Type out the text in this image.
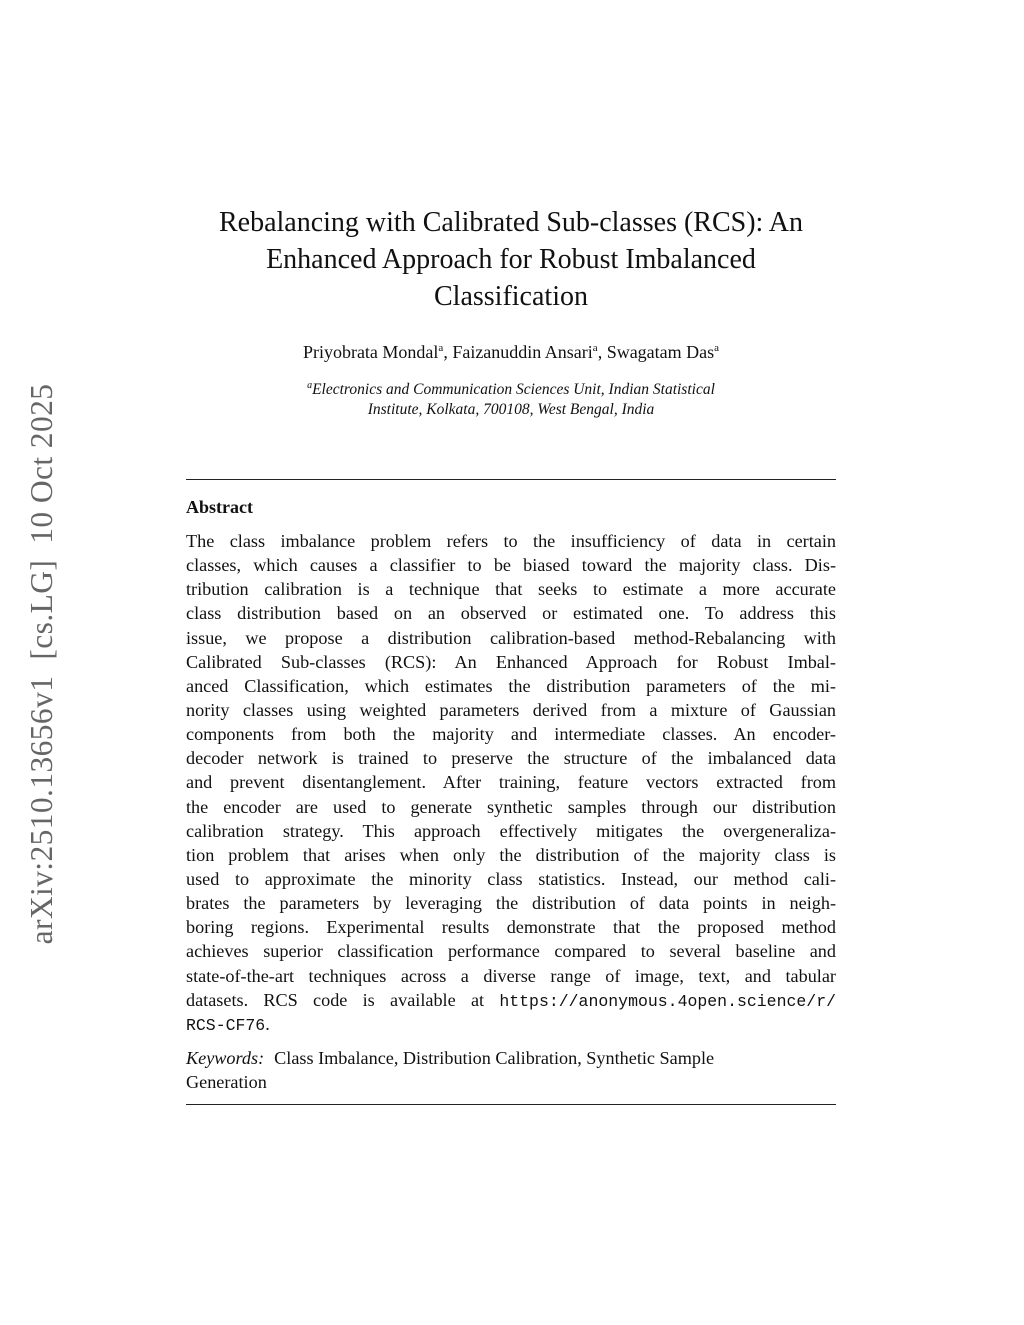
arXiv:2510.13656v1[cs.LG]10 Oct 2025
Rebalancing with Calibrated Sub-classes (RCS): An
Enhanced Approach for Robust Imbalanced
Classification
Priyobrata Mondal$^a$, Faizanuddin Ansari$^a$, Swagatam Das$^a$
$^a$Electronics and Communication Sciences Unit, Indian Statistical
Institute, Kolkata, 700108, West Bengal, India
Abstract
The class imbalance problem refers to the insufficiency of data in certain
classes, which causes a classifier to be biased toward the majority class. Dis-
tribution calibration is a technique that seeks to estimate a more accurate
class distribution based on an observed or estimated one. To address this
issue, we propose a distribution calibration-based method-Rebalancing with
Calibrated Sub-classes (RCS): An Enhanced Approach for Robust Imbal-
anced Classification, which estimates the distribution parameters of the mi-
nority classes using weighted parameters derived from a mixture of Gaussian
components from both the majority and intermediate classes. An encoder-
decoder network is trained to preserve the structure of the imbalanced data
and prevent disentanglement. After training, feature vectors extracted from
the encoder are used to generate synthetic samples through our distribution
calibration strategy. This approach effectively mitigates the overgeneraliza-
tion problem that arises when only the distribution of the majority class is
used to approximate the minority class statistics. Instead, our method cali-
brates the parameters by leveraging the distribution of data points in neigh-
boring regions. Experimental results demonstrate that the proposed method
achieves superior classification performance compared to several baseline and
state-of-the-art techniques across a diverse range of image, text, and tabular
datasets. RCS code is available at https://anonymous.4open.science/r/
RCS-CF76.
Keywords: Class Imbalance, Distribution Calibration, Synthetic Sample
Generation
